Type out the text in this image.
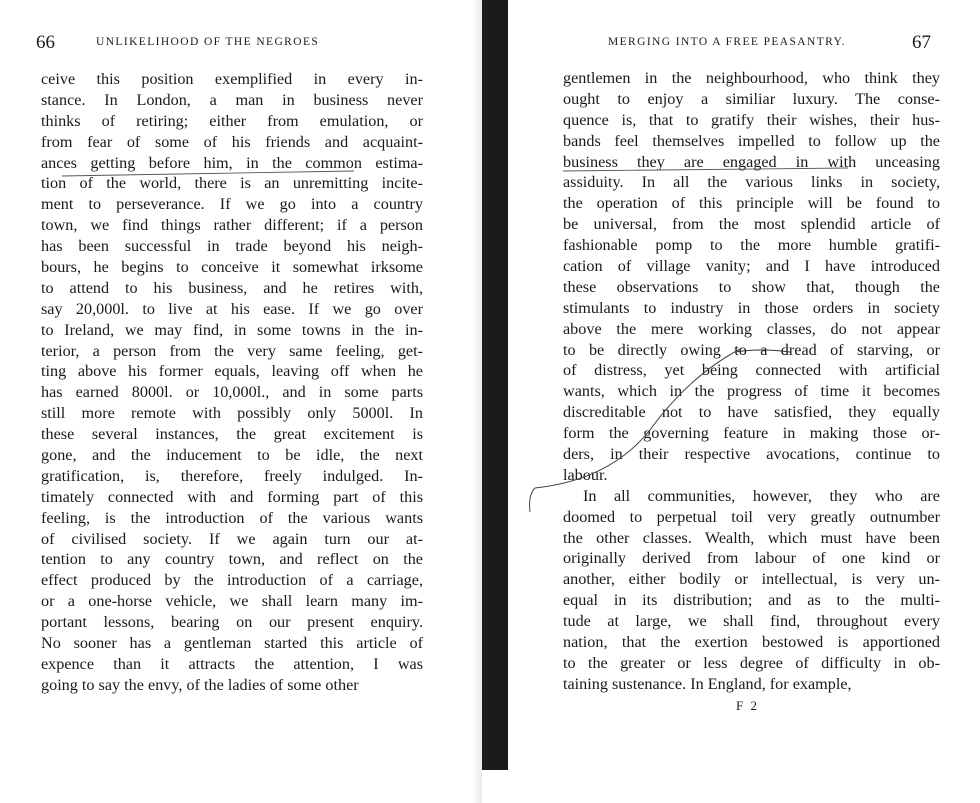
66	UNLIKELIHOOD OF THE NEGROES
ceive this position exemplified in every in-
stance. In London, a man in business never
thinks of retiring; either from emulation, or
from fear of some of his friends and acquaint-
ances getting before him, in the common estima-
tion of the world, there is an unremitting incite-
ment to perseverance. If we go into a country
town, we find things rather different; if a person
has been successful in trade beyond his neigh-
bours, he begins to conceive it somewhat irksome
to attend to his business, and he retires with,
say 20,000l. to live at his ease. If we go over
to Ireland, we may find, in some towns in the in-
terior, a person from the very same feeling, get-
ting above his former equals, leaving off when he
has earned 8000l. or 10,000l., and in some parts
still more remote with possibly only 5000l. In
these several instances, the great excitement is
gone, and the inducement to be idle, the next
gratification, is, therefore, freely indulged. In-
timately connected with and forming part of this
feeling, is the introduction of the various wants
of civilised society. If we again turn our at-
tention to any country town, and reflect on the
effect produced by the introduction of a carriage,
or a one-horse vehicle, we shall learn many im-
portant lessons, bearing on our present enquiry.
No sooner has a gentleman started this article of
expence than it attracts the attention, I was
going to say the envy, of the ladies of some other
MERGING INTO A FREE PEASANTRY.	67
gentlemen in the neighbourhood, who think they
ought to enjoy a similiar luxury. The conse-
quence is, that to gratify their wishes, their hus-
bands feel themselves impelled to follow up the
business they are engaged in with unceasing
assiduity. In all the various links in society,
the operation of this principle will be found to
be universal, from the most splendid article of
fashionable pomp to the more humble gratifi-
cation of village vanity; and I have introduced
these observations to show that, though the
stimulants to industry in those orders in society
above the mere working classes, do not appear
to be directly owing to a dread of starving, or
of distress, yet being connected with artificial
wants, which in the progress of time it becomes
discreditable not to have satisfied, they equally
form the governing feature in making those or-
ders, in their respective avocations, continue to
labour.
In all communities, however, they who are
doomed to perpetual toil very greatly outnumber
the other classes. Wealth, which must have been
originally derived from labour of one kind or
another, either bodily or intellectual, is very un-
equal in its distribution; and as to the multi-
tude at large, we shall find, throughout every
nation, that the exertion bestowed is apportioned
to the greater or less degree of difficulty in ob-
taining sustenance. In England, for example,
F 2
